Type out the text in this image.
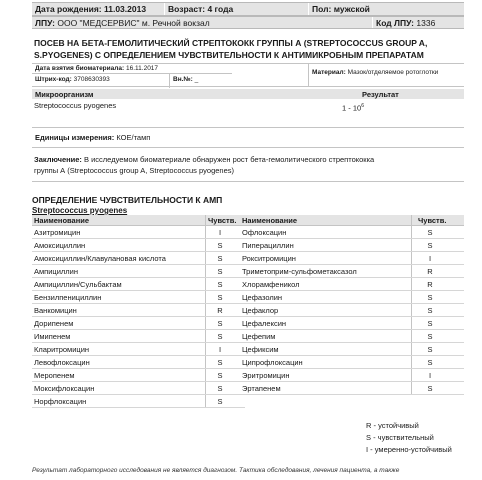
Дата рождения:
11.03.2013	Возраст:
4 года	Пол:
мужской
ЛПУ:
ООО "МЕДСЕРВИС" м. Речной вокзал	Код ЛПУ:
1336
ПОСЕВ НА БЕТА-ГЕМОЛИТИЧЕСКИЙ СТРЕПТОКОКК ГРУППЫ А (STREPTOCOCCUS GROUP A, S.PYOGENES) С ОПРЕДЕЛЕНИЕМ ЧУВСТВИТЕЛЬНОСТИ К АНТИМИКРОБНЫМ ПРЕПАРАТАМ
Дата взятия биоматериала: 16.11.2017
Штрих-код: 3708630393	Вн.№: _
Материал: Мазок/отделяемое ротоглотки
Микроорганизм	Результат
Streptococcus pyogenes	$1 - 10^6$
Единицы измерения: КОЕ/тамп
Заключение: В исследуемом биоматериале обнаружен рост бета-гемолитического стрептококка
группы А (Streptococcus group A, Streptococcus pyogenes)
ОПРЕДЕЛЕНИЕ ЧУВСТВИТЕЛЬНОСТИ К АМП
Streptococcus pyogenes
Наименование	Чувств.
Азитромицин	I
Амоксициллин	S
Амоксициллин/Клавулановая кислота	S
Ампициллин	S
Ампициллин/Сульбактам	S
Бензилпенициллин	S
Ванкомицин	R
Дорипенем	S
Имипенем	S
Кларитромицин	I
Левофлоксацин	S
Меропенем	S
Моксифлоксацин	S
Норфлоксацин	S
Наименование	Чувств.
Офлоксацин	S
Пиперациллин	S
Рокситромицин	I
Триметоприм-сульфометаксазол	R
Хлорамфеникол	R
Цефазолин	S
Цефаклор	S
Цефалексин	S
Цефепим	S
Цефиксим	S
Ципрофлоксацин	S
Эритромицин	I
Эртапенем	S
R - устойчивый
S - чувствительный
I - умеренно-устойчивый
Результат лабораторного исследования не является диагнозом. Тактика обследования, лечения пациента, а также
